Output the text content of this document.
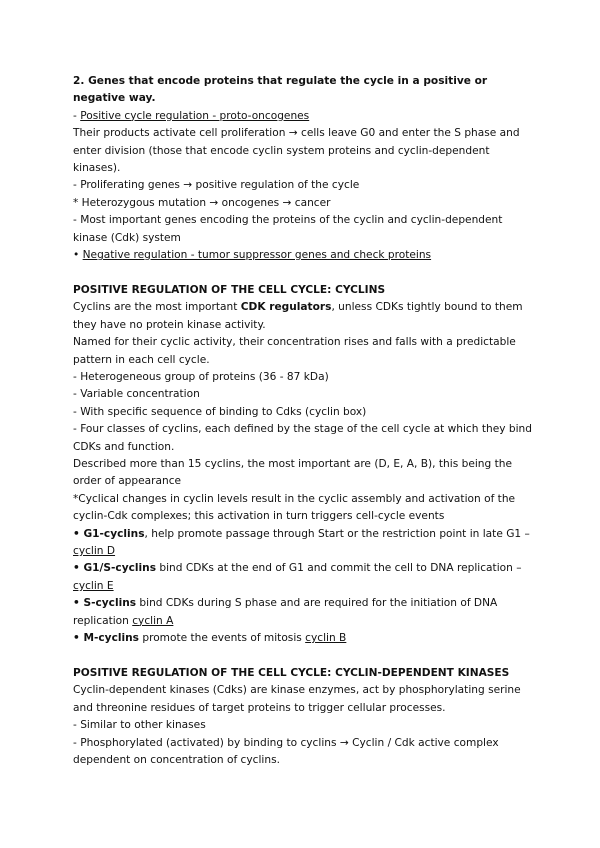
2. Genes that encode proteins that regulate the cycle in a positive or negative way.

- Positive cycle regulation - proto-oncogenes

Their products activate cell proliferation → cells leave G0 and enter the S phase and enter division (those that encode cyclin system proteins and cyclin-dependent kinases).

- Proliferating genes → positive regulation of the cycle

* Heterozygous mutation → oncogenes → cancer

- Most important genes encoding the proteins of the cyclin and cyclin-dependent kinase (Cdk) system

• Negative regulation - tumor suppressor genes and check proteins

POSITIVE REGULATION OF THE CELL CYCLE: CYCLINS

Cyclins are the most important CDK regulators, unless CDKs tightly bound to them they have no protein kinase activity.

Named for their cyclic activity, their concentration rises and falls with a predictable pattern in each cell cycle.

- Heterogeneous group of proteins (36 - 87 kDa)

- Variable concentration

- With specific sequence of binding to Cdks (cyclin box)

- Four classes of cyclins, each defined by the stage of the cell cycle at which they bind CDKs and function.

Described more than 15 cyclins, the most important are (D, E, A, B), this being the order of appearance

*Cyclical changes in cyclin levels result in the cyclic assembly and activation of the cyclin-Cdk complexes; this activation in turn triggers cell-cycle events

• G1-cyclins, help promote passage through Start or the restriction point in late G1 – cyclin D

• G1/S-cyclins bind CDKs at the end of G1 and commit the cell to DNA replication – cyclin E

• S-cyclins bind CDKs during S phase and are required for the initiation of DNA replication cyclin A

• M-cyclins promote the events of mitosis cyclin B

POSITIVE REGULATION OF THE CELL CYCLE: CYCLIN-DEPENDENT KINASES

Cyclin-dependent kinases (Cdks) are kinase enzymes, act by phosphorylating serine and threonine residues of target proteins to trigger cellular processes.

- Similar to other kinases

- Phosphorylated (activated) by binding to cyclins → Cyclin / Cdk active complex dependent on concentration of cyclins.
